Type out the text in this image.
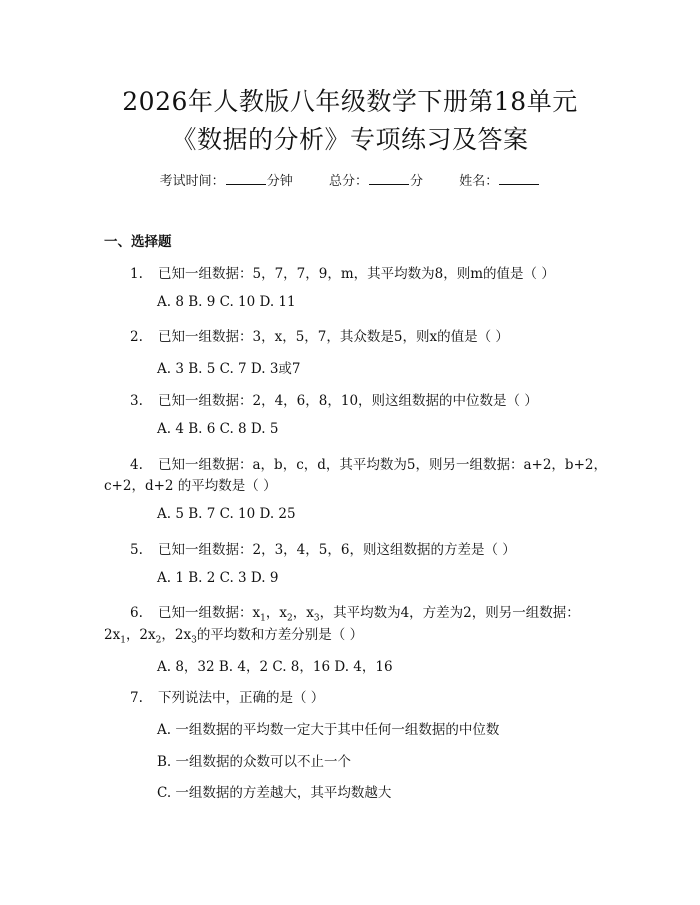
2026年人教版八年级数学下册第18单元
《数据的分析》专项练习及答案
考试时间：	分钟	总分：	分	姓名：
一、选择题
1. 已知一组数据：5，7，7，9，m，其平均数为8，则m的值是（ ）
A. 8 B. 9 C. 10 D. 11
2. 已知一组数据：3，x，5，7，其众数是5，则x的值是（ ）
A. 3 B. 5 C. 7 D. 3或7
3. 已知一组数据：2，4，6，8，10，则这组数据的中位数是（ ）
A. 4 B. 6 C. 8 D. 5
4. 已知一组数据：a，b，c，d，其平均数为5，则另一组数据：a+2，b+2，
c+2，d+2 的平均数是（ ）
A. 5 B. 7 C. 10 D. 25
5. 已知一组数据：2，3，4，5，6，则这组数据的方差是（ ）
A. 1 B. 2 C. 3 D. 9
6. 已知一组数据：$x_1$，$x_2$，$x_3$，其平均数为4，方差为2，则另一组数据：
$2x_1$，$2x_2$，$2x_3$的平均数和方差分别是（ ）
A. 8，32 B. 4，2 C. 8，16 D. 4，16
7. 下列说法中，正确的是（ ）
A. 一组数据的平均数一定大于其中任何一组数据的中位数
B. 一组数据的众数可以不止一个
C. 一组数据的方差越大，其平均数越大
